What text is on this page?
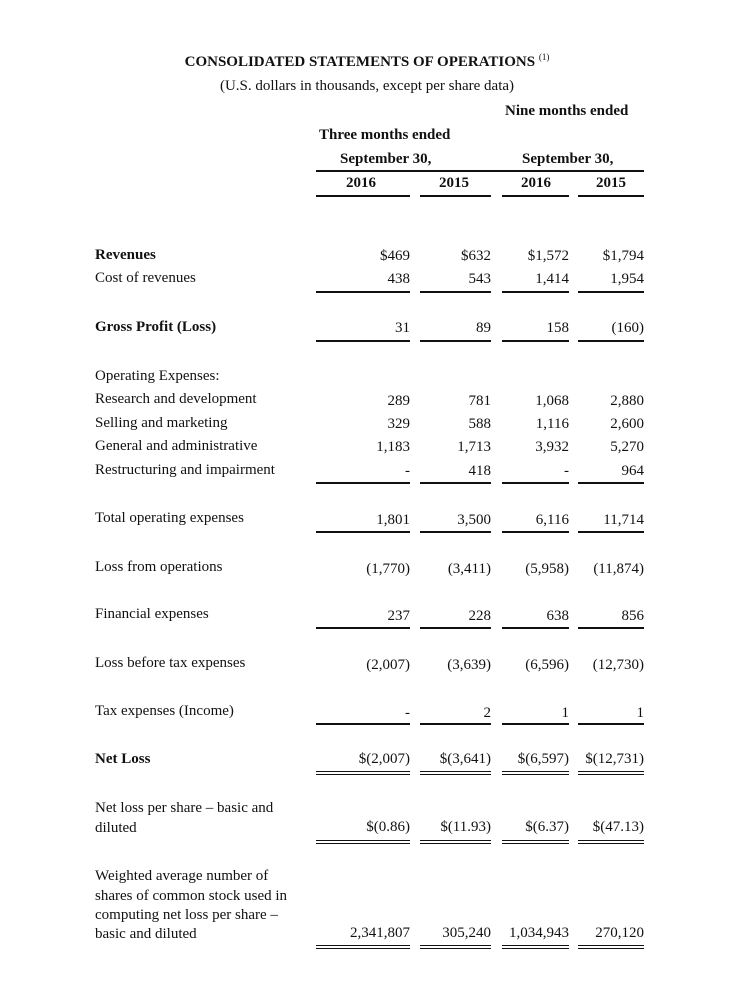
CONSOLIDATED STATEMENTS OF OPERATIONS $^{(1)}$
(U.S. dollars in thousands, except per share data)
Nine months ended
Three months ended
September 30,	September 30,
2016	2015	2016	2015
Revenues	$469	$632	$1,572	$1,794
Cost of revenues	438	543	1,414	1,954
Gross Profit (Loss)	31	89	158	(160)
Operating Expenses:
Research and development	289	781	1,068	2,880
Selling and marketing	329	588	1,116	2,600
General and administrative	1,183	1,713	3,932	5,270
Restructuring and impairment	-	418	-	964
Total operating expenses	1,801	3,500	6,116	11,714
Loss from operations	(1,770)	(3,411)	(5,958)	(11,874)
Financial expenses	237	228	638	856
Loss before tax expenses	(2,007)	(3,639)	(6,596)	(12,730)
Tax expenses (Income)	-	2	1	1
Net Loss	$(2,007)	$(3,641)	$(6,597)	$(12,731)
Net loss per share – basic and
diluted	$(0.86)	$(11.93)	$(6.37)	$(47.13)
Weighted average number of
shares of common stock used in
computing net loss per share –
basic and diluted	2,341,807	305,240	1,034,943	270,120
